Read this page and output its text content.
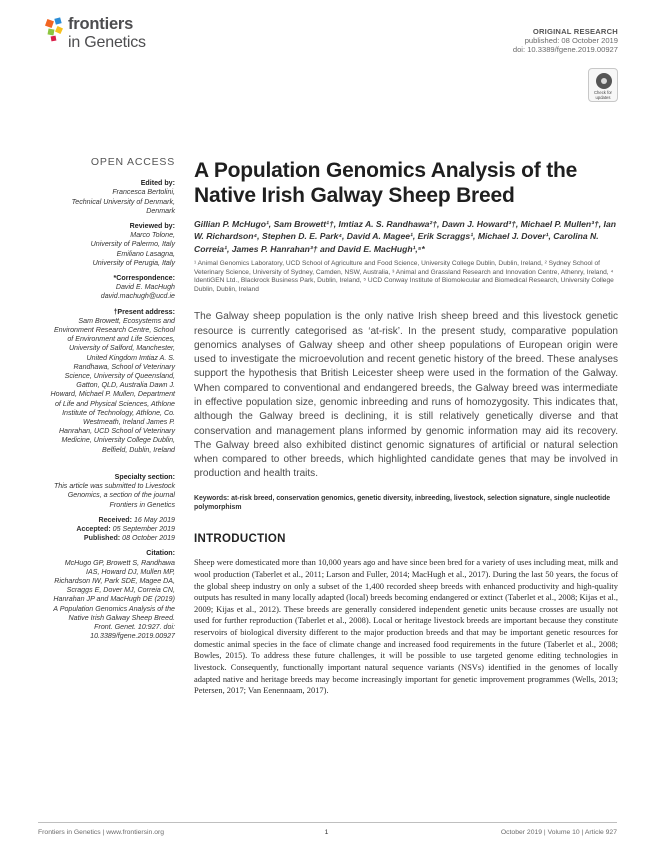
frontiers
in Genetics
ORIGINAL RESEARCH
published: 08 October 2019
doi: 10.3389/fgene.2019.00927
Check for
updates
OPEN ACCESS
Edited by:
Francesca Bertolini,
Technical University of Denmark, Denmark
Reviewed by:
Marco Tolone,
University of Palermo, Italy
Emiliano Lasagna,
University of Perugia, Italy
*Correspondence:
David E. MacHugh
david.machugh@ucd.ie
†Present address:
Sam Browett, Ecosystems and Environment Research Centre, School of Environment and Life Sciences, University of Salford, Manchester, United Kingdom Imtiaz A. S. Randhawa, School of Veterinary Science, University of Queensland, Gatton, QLD, Australia Dawn J. Howard, Michael P. Mullen, Department of Life and Physical Sciences, Athlone Institute of Technology, Athlone, Co. Westmeath, Ireland James P. Hanrahan, UCD School of Veterinary Medicine, University College Dublin, Belfield, Dublin, Ireland
Specialty section:
This article was submitted to Livestock Genomics, a section of the journal Frontiers in Genetics
Received: 16 May 2019
Accepted: 05 September 2019
Published: 08 October 2019
Citation:
McHugo GP, Browett S, Randhawa IAS, Howard DJ, Mullen MP, Richardson IW, Park SDE, Magee DA, Scraggs E, Dover MJ, Correia CN, Hanrahan JP and MacHugh DE (2019) A Population Genomics Analysis of the Native Irish Galway Sheep Breed. Front. Genet. 10:927. doi: 10.3389/fgene.2019.00927
A Population Genomics Analysis of the Native Irish Galway Sheep Breed
Gillian P. McHugo¹, Sam Browett¹†, Imtiaz A. S. Randhawa²†, Dawn J. Howard³†, Michael P. Mullen³†, Ian W. Richardson⁴, Stephen D. E. Park⁴, David A. Magee¹, Erik Scraggs¹, Michael J. Dover¹, Carolina N. Correia¹, James P. Hanrahan³† and David E. MacHugh¹,⁵*
¹ Animal Genomics Laboratory, UCD School of Agriculture and Food Science, University College Dublin, Dublin, Ireland, ² Sydney School of Veterinary Science, University of Sydney, Camden, NSW, Australia, ³ Animal and Grassland Research and Innovation Centre, Athenry, Ireland, ⁴ IdentiGEN Ltd., Blackrock Business Park, Dublin, Ireland, ⁵ UCD Conway Institute of Biomolecular and Biomedical Research, University College Dublin, Dublin, Ireland

The Galway sheep population is the only native Irish sheep breed and this livestock genetic resource is currently categorised as ‘at-risk’. In the present study, comparative population genomics analyses of Galway sheep and other sheep populations of European origin were used to investigate the microevolution and recent genetic history of the breed. These analyses support the hypothesis that British Leicester sheep were used in the formation of the Galway. When compared to conventional and endangered breeds, the Galway breed was intermediate in effective population size, genomic inbreeding and runs of homozygosity. This indicates that, although the Galway breed is declining, it is still relatively genetically diverse and that conservation and management plans informed by genomic information may aid its recovery. The Galway breed also exhibited distinct genomic signatures of artificial or natural selection when compared to other breeds, which highlighted candidate genes that may be involved in production and health traits.

Keywords: at-risk breed, conservation genomics, genetic diversity, inbreeding, livestock, selection signature, single nucleotide polymorphism
INTRODUCTION

Sheep were domesticated more than 10,000 years ago and have since been bred for a variety of uses including meat, milk and wool production (Taberlet et al., 2011; Larson and Fuller, 2014; MacHugh et al., 2017). During the last 50 years, the focus of the global sheep industry on only a subset of the 1,400 recorded sheep breeds with enhanced productivity and high-quality outputs has resulted in many locally adapted (local) breeds becoming endangered or extinct (Taberlet et al., 2008; Kijas et al., 2009; Kijas et al., 2012). These breeds are generally considered independent genetic units because crosses are usually not used for further reproduction (Taberlet et al., 2008). Local or heritage livestock breeds are important because they constitute reservoirs of biological diversity different to the major production breeds and that may be important genetic resources for domestic animal species in the face of climate change and increased food requirements in the future (Taberlet et al., 2008; Bowles, 2015). To address these future challenges, it will be possible to use targeted genome editing technologies in livestock. Consequently, functionally important natural sequence variants (NSVs) identified in the genomes of locally adapted native and heritage breeds may become increasingly important for genetic improvement programmes (Wells, 2013; Petersen, 2017; Van Eenennaam, 2017).

Frontiers in Genetics | www.frontiersin.org	1	October 2019 | Volume 10 | Article 927
